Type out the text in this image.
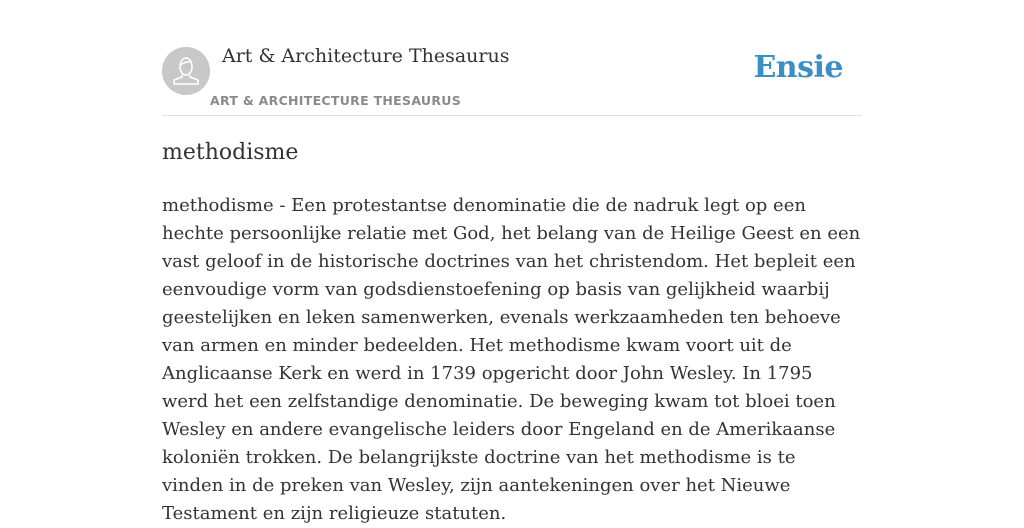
Art & Architecture Thesaurus
ART & ARCHITECTURE THESAURUS
Ensie
methodisme

methodisme - Een protestantse denominatie die de nadruk legt op een hechte persoonlijke relatie met God, het belang van de Heilige Geest en een vast geloof in de historische doctrines van het christendom. Het bepleit een eenvoudige vorm van godsdienstoefening op basis van gelijkheid waarbij geestelijken en leken samenwerken, evenals werkzaamheden ten behoeve van armen en minder bedeelden. Het methodisme kwam voort uit de Anglicaanse Kerk en werd in 1739 opgericht door John Wesley. In 1795 werd het een zelfstandige denominatie. De beweging kwam tot bloei toen Wesley en andere evangelische leiders door Engeland en de Amerikaanse koloniën trokken. De belangrijkste doctrine van het methodisme is te vinden in de preken van Wesley, zijn aantekeningen over het Nieuwe Testament en zijn religieuze statuten.
